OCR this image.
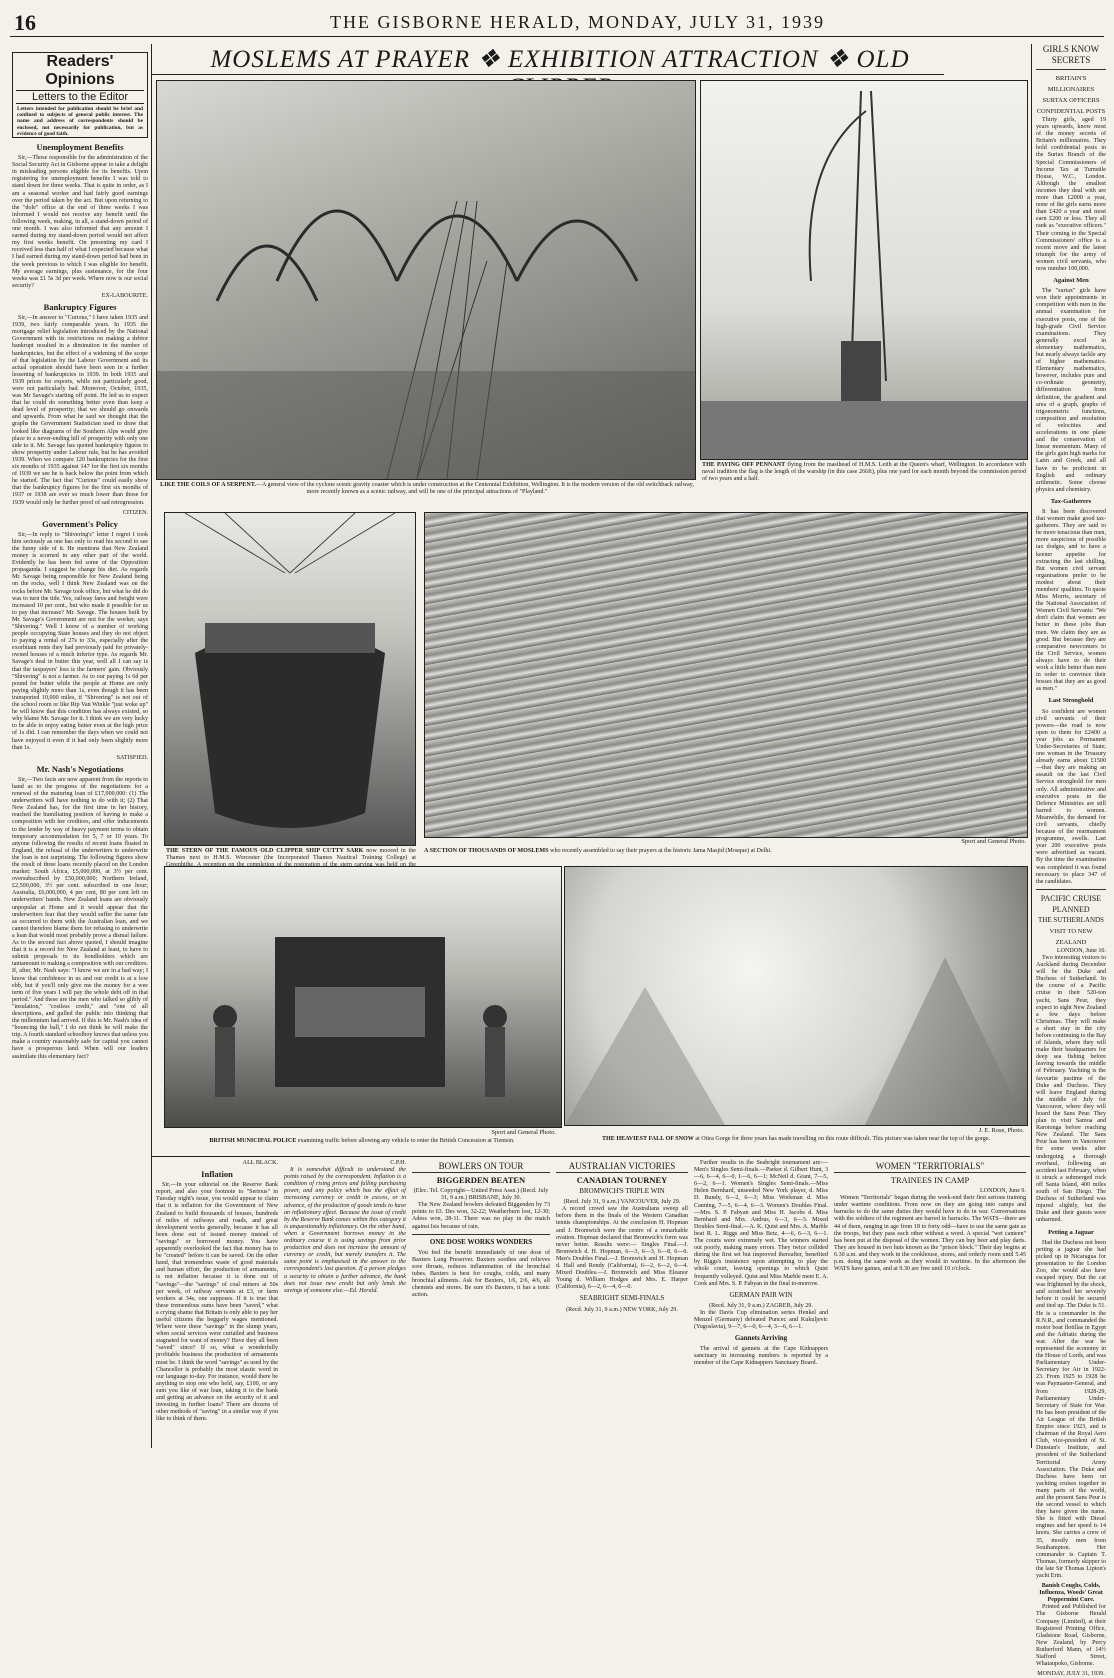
16	THE GISBORNE HERALD, MONDAY, JULY 31, 1939
MOSLEMS AT PRAYER ❖ EXHIBITION ATTRACTION ❖ OLD
Readers' Opinions
Letters to the Editor
Letters intended for publication should be brief and confined to subjects of general public interest. The name and address of correspondents should be enclosed, not necessarily for publication, but as evidence of good faith.
Unemployment Benefits

Sir,—Those responsible for the administration of the Social Security Act in Gisborne appear to take a delight in misleading persons eligible for its benefits. Upon registering for unemployment benefits I was told to stand down for three weeks. That is quite in order, as I am a seasonal worker and had fairly good earnings over the period taken by the act. But upon returning to the "dole" office at the end of three weeks I was informed I would not receive any benefit until the following week, making, in all, a stand-down period of one month. I was also informed that any amount I earned during my stand-down period would not affect my first weeks benefit. On presenting my card I received less than half of what I expected because what I had earned during my stand-down period had been in the week previous to which I was eligible for benefit. My average earnings, plus sustenance, for the four weeks was £1 5s 3d per week. Where now is our social security?

EX-LABOURITE.
Bankruptcy Figures

Sir,—In answer to "Curious," I have taken 1935 and 1939, two fairly comparable years. In 1935 the mortgage relief legislation introduced by the National Government with its restrictions on making a debtor bankrupt resulted in a diminution in the number of bankruptcies, but the effect of a widening of the scope of that legislation by the Labour Government and its actual operation should have been seen in a further lessening of bankruptcies in 1939. In both 1935 and 1939 prices for exports, while not particularly good, were not particularly bad. Moreover, October, 1935, was Mr Savage's starting off point. He led us to expect that he could do something better even than keep a dead level of prosperity; that we should go onwards and upwards. From what he said we thought that the graphs the Government Statistician used to draw that looked like diagrams of the Southern Alps would give place to a never-ending hill of prosperity with only one side to it. Mr. Savage has quoted bankruptcy figures to show prosperity under Labour rule, but he has avoided 1939. When we compare 120 bankruptcies for the first six months of 1935 against 147 for the first six months of 1939 we see he is back below the point from which he started. The fact that "Curious" could easily show that the bankruptcy figures for the first six months of 1937 or 1938 are ever so much lower than those for 1939 would only be further proof of sad retrogression.

CITIZEN.
Government's Policy

Sir,—In reply to "Shivering's" letter I regret I took him seriously as one has only to read his second to see the funny side of it. He mentions that New Zealand money is scorned in any other part of the world. Evidently he has been fed some of the Opposition propaganda. I suggest he change his diet. As regards Mr. Savage being responsible for New Zealand being on the rocks, well I think New Zealand was on the rocks before Mr. Savage took office, but what he did do was to turn the tide. Yes, railway fares and freight were increased 10 per cent., but who made it possible for us to pay that increase? Mr. Savage. The houses built by Mr. Savage's Government are not for the worker, says "Shivering." Well I know of a number of working people occupying State houses and they do not object to paying a rental of 27s to 33s, especially after the exorbitant rents they had previously paid for privately-owned houses of a much inferior type. As regards Mr. Savage's deal in butter this year, well all I can say is that the taxpayers' loss is the farmers' gain. Obviously "Shivering" is not a farmer. As to our paying 1s 6d per pound for butter while the people at Home are only paying slightly more than 1s, even though it has been transported 10,000 miles, if "Shivering" is not out of the school room or like Rip Van Winkle "just woke up" he will know that this condition has always existed, so why blame Mr. Savage for it. I think we are very lucky to be able to enjoy eating butter even at the high price of 1s did. I can remember the days when we could not have enjoyed it even if it had only been slightly more than 1s.

SATISFIED.
Mr. Nash's Negotiations

Sir,—Two facts are now apparent from the reports to hand as to the progress of the negotiations for a renewal of the maturing loan of £17,000,000: (1) The underwriters will have nothing to do with it; (2) That New Zealand has, for the first time in her history, reached the humiliating position of having to make a composition with her creditors, and offer inducements to the lender by way of heavy payment terms to obtain temporary accommodation for 5, 7 or 10 years. To anyone following the results of recent loans floated in England, the refusal of the underwriters to underwrite the loan is not surprising. The following figures show the result of three loans recently placed on the London market: South Africa, £5,000,000, at 3½ per cent. oversubscribed by £50,000,000; Northern Ireland, £2,500,000, 3½ per cent. subscribed in one hour; Australia, £6,000,000, 4 per cent, 80 per cent left on underwriters' hands. New Zealand loans are obviously unpopular at Home and it would appear that the underwriters fear that they would suffer the same fate as occurred to them with the Australian loan, and we cannot therefore blame them for refusing to underwrite a loan that would most probably prove a dismal failure. As to the second fact above quoted, I should imagine that it is a record for New Zealand at least, to have to submit proposals to its bondholders which are tantamount to making a composition with our creditors. If, after, Mr. Nash says: "I know we are in a bad way; I know that confidence in us and our credit is at a low ebb, but if you'll only give me the money for a wee term of five years I will pay the whole debt off in that period." And these are the men who talked so glibly of "insulation," "costless credit," and "one of all descriptions, and gulled the public into thinking that the millennium had arrived. If this is Mr. Nash's idea of "bouncing the ball," I do not think he will make the trip. A fourth standard schoolboy knows that unless you make a country reasonably safe for capital you cannot have a prosperous land. When will our leaders assimilate this elementary fact?

LIKE THE COILS OF A SERPENT.—A general view of the cyclone scenic gravity coaster which is under construction at the Centennial Exhibition, Wellington. It is the modern version of the old switchback railway, more recently known as a scenic railway, and will be one of the principal attractions of "Playland."
THE PAYING OFF PENNANT flying from the masthead of H.M.S. Leith at the Queen's wharf, Wellington. In accordance with naval tradition the flag is the length of the warship (in this case 266ft), plus one yard for each month beyond the commission period of two years and a half.
THE STERN OF THE FAMOUS OLD CLIPPER SHIP CUTTY SARK now moored in the Thames next to H.M.S. Worcester (the Incorporated Thames Nautical Training College) at
Sport and General Photo.
A SECTION OF THOUSANDS OF MOSLEMS who recently assembled to say their prayers at the historic Jama Masjid (Mosque) at Delhi.
Sport and General Photo.
BRITISH MUNICIPAL POLICE examining traffic before allowing any vehicle to enter the British Concession at Tientsin.
J. E. Rose, Photo.
THE HEAVIEST FALL OF SNOW at Otira Gorge for three years has made travelling on this route difficult. This picture was taken near the top of the gorge.
ALL BLACK.
Inflation

Sir,—In your editorial on the Reserve Bank report, and also your footnote to "Serious" in Tuesday night's issue, you would appear to claim that it is inflation for the Government of New Zealand to build thousands of houses, hundreds of miles of railways and roads, and great development works generally, because it has all been done out of issued money instead of "savings" or borrowed money. You have apparently overlooked the fact that money has to be "created" before it can be saved. On the other hand, that tremendous waste of good materials and human effort, the production of armaments, is not inflation because it is done out of "savings"—the "savings" of coal miners at 50s per week, of railway servants at £3, or farm workers at 34s, one supposes. If it is true that these tremendous sums have been "saved," what a crying shame that Britain is only able to pay her useful citizens the beggarly wages mentioned. Where were these "savings" in the slump years, when social services were curtailed and business stagnated for want of money? Have they all been "saved" since? If so, what a wonderfully profitable business the production of armaments must be. I think the word "savings" as used by the Chancellor is probably the most elastic word in our language to-day. For instance, would there be anything to stop one who held, say, £100, or any sum you like of war loan, taking it to the bank and getting an advance on the security of it and investing in further loans? There are dozens of other methods of "saving" in a similar way if you like to think of them.

C.P.H.

It is somewhat difficult to understand the points raised by the correspondent. Inflation is a condition of rising prices and falling purchasing power, and any policy which has the effect of increasing currency or credit in excess, or in advance, of the production of goods tends to have an inflationary effect. Because the issue of credit by the Reserve Bank comes within this category it is unquestionably inflationary. On the other hand, when a Government borrows money in the ordinary course it is using savings from prior production and does not increase the amount of currency or credit, but merely transfers it. The same point is emphasised in the answer to the correspondent's last question. If a person pledges a security to obtain a further advance, the bank does not issue new credit but only lends the savings of someone else.—Ed. Herald.

BOWLERS ON TOUR
BIGGERDEN BEATEN
(Elec. Tel. Copyright—United Press Assn.) (Recd. July 31, 9 a.m.) BRISBANE, July 30.

The New Zealand bowlers defeated Biggenden by 73 points to 63. Des won, 32-22; Weatherburn lost, 12-30; Adess won, 28-11. There was no play in the match against Isis because of rain.

ONE DOSE WORKS WONDERS

You feel the benefit immediately of one dose of Baxters Lung Preserver. Baxters soothes and relieves sore throats, reduces inflammation of the bronchial tubes. Baxters is best for coughs, colds, and many bronchial ailments. Ask for Baxters, 1/6, 2/6, 4/6, all chemists and stores. Be sure it's Baxters, it has a tonic action.

AUSTRALIAN VICTORIES
CANADIAN TOURNEY
BROMWICH'S TRIPLE WIN
(Recd. July 31, 9 a.m.) VANCOUVER, July 29.

A record crowd saw the Australians sweep all before them in the finals of the Western Canadian tennis championships. At the conclusion H. Hopman and J. Bromwich were the centre of a remarkable ovation. Hopman declared that Bromwich's form was never better. Results were:— Singles Final.—J. Bromwich d. H. Hopman, 6—3, 6—3, 6—8, 6—0. Men's Doubles Final.—J. Bromwich and H. Hopman d. Hall and Rendy (California), 6—2, 6—2, 6—4. Mixed Doubles.—J. Bromwich and Miss Eleanor Young d. William Hodges and Mrs. E. Harper (California), 6—2, 6—4, 6—0.

SEABRIGHT SEMI-FINALS
(Recd. July 31, 9 a.m.) NEW YORK, July 29.

Further results in the Seabright tournament are:— Men's Singles Semi-finals.—Parker d. Gilbert Hunt, 3—6, 6—4, 6—0, 1—6, 6—1; McNeil d. Grant, 7—5, 6—2, 6—1. Women's Singles Semi-finals.—Miss Helen Bernhard, unseeded New York player, d. Miss D. Bundy, 6—2, 6—3; Miss Workman d. Miss Canning, 7—5, 6—4, 6—3. Women's Doubles Final.—Mrs. S. P. Fabyan and Miss H. Jacobs d. Miss Bernhard and Mrs. Andrus, 6—3, 6—3. Mixed Doubles Semi-final.—A. K. Quist and Mrs. A. Marble beat R. L. Riggs and Miss Betz, 4—6, 6—3, 6—1. The courts were extremely wet. The winners started out poorly, making many errors. They twice collided during the first set but improved thereafter, benefited by Riggs's insistence upon attempting to play the whole court, leaving openings to which Quist frequently volleyed. Quist and Miss Marble meet E. A. Cook and Mrs. S. P. Fabyan in the final to-morrow.

GERMAN PAIR WIN
(Recd. July 31, 9 a.m.) ZAGREB, July 29.

In the Davis Cup elimination series Henkel and Menzel (Germany) defeated Puncec and Kukuljevic (Yugoslavia), 9—7, 6—0, 6—4, 3—6, 6—1.

Gannets Arriving

The arrival of gannets at the Cape Kidnappers sanctuary in increasing numbers is reported by a member of the Cape Kidnappers Sanctuary Board.

WOMEN "TERRITORIALS"
TRAINEES IN CAMP
LONDON, June 9.

Women "Territorials" began during the week-end their first serious training under wartime conditions. From now on they are going into camps and barracks to do the same duties they would have to do in war. Conversations with the soldiers of the regiment are barred in barracks. The WATS—there are 44 of them, ranging in age from 18 to forty odd—have to use the same gate as the troops, but they pass each other without a word. A special "wet canteen" has been put at the disposal of the women. They can buy beer and play darts. They are housed in two huts known as the "prison block." Their day begins at 6.30 a.m. and they work in the cookhouse, stores, and orderly room until 5.45 p.m. doing the same work as they would in wartime. In the afternoon the WATS have games, and at 9.30 are free until 10 o'clock.

GIRLS KNOW SECRETS
BRITAIN'S MILLIONAIRES
SURTAX OFFICERS
CONFIDENTIAL POSTS

Thirty girls, aged 19 years upwards, know most of the money secrets of Britain's millionaires. They hold confidential posts in the Surtax Branch of the Special Commissioners of Income Tax at Turnstile House, W.C., London. Although the smallest incomes they deal with are more than £2000 a year, none of the girls earns more than £420 a year and most earn £200 or less. They all rank as "executive officers." Their coming to the Special Commissioners' office is a recent move and the latest triumph for the army of women civil servants, who now number 100,000.

Against Men

The "surtax" girls have won their appointments in competition with men in the annual examination for executive posts, one of the high-grade Civil Service examinations. They generally excel in elementary mathematics, but nearly always tackle any of higher mathematics. Elementary mathematics, however, includes pure and co-ordinate geometry, differentiation from definition, the gradient and area of a graph, graphs of trigonometric functions, composition and resolution of velocities and accelerations in one plane and the conservation of linear momentum. Many of the girls gain high marks for Latin and Greek, and all have to be proficient in English and ordinary arithmetic. Some choose physics and chemistry.

Tax-Gatherers

It has been discovered that women make good tax-gatherers. They are said to be more tenacious than men, more suspicious of possible tax dodges, and to have a keener appetite for extracting the last shilling. But women civil servant organisations prefer to be modest about their members' qualities. To quote Miss Morris, secretary of the National Association of Women Civil Servants: "We don't claim that women are better in these jobs than men. We claim they are as good. But because they are comparative newcomers to the Civil Service, women always have to do their work a little better than men in order to convince their bosses that they are as good as men."

Last Stronghold

So confident are women civil servants of their powers—the road is now open to them for £2400 a year jobs as Permanent Under-Secretaries of State; one woman in the Treasury already earns about £1500—that they are making an assault on the last Civil Service stronghold for men only. All administrative and executive posts in the Defence Ministries are still barred to women. Meanwhile, the demand for civil servants, chiefly because of the rearmament programme, swells. Last year 200 executive posts were advertised as vacant. By the time the examination was completed it was found necessary to place 347 of the candidates.

PACIFIC CRUISE PLANNED
THE SUTHERLANDS
VISIT TO NEW ZEALAND
LONDON, June 10.

Two interesting visitors to Auckland during December will be the Duke and Duchess of Sutherland. In the course of a Pacific cruise in their 520-ton yacht, Sans Peur, they expect to sight New Zealand a few days before Christmas. They will make a short stay in the city before continuing to the Bay of Islands, where they will make their headquarters for deep sea fishing before leaving towards the middle of February. Yachting is the favourite pastime of the Duke and Duchess. They will leave England during the middle of July for Vancouver, where they will board the Sans Peur. They plan to visit Samoa and Rarotonga before reaching New Zealand. The Sans Peur has been in Vancouver for some weeks after undergoing a thorough overhaul, following an accident last February, when it struck a submerged rock off Santa Island, 400 miles south of San Diego. The Duchess of Sutherland was injured slightly, but the Duke and their guests were unharmed.

Petting a Jaguar

Had the Duchess not been petting a jaguar she had picked up in Nicaragua for presentation to the London Zoo, she would also have escaped injury. But the cat was frightened by the shock, and scratched her severely before it could be secured and tied up. The Duke is 51. He is a commander in the R.N.R., and commanded the motor boat flotillas in Egypt and the Adriatic during the war. After the war he represented the economy in the House of Lords, and was Parliamentary Under-Secretary for Air in 1922-23. From 1925 to 1928 he was Paymaster-General, and from 1928-29, Parliamentary Under-Secretary of State for War. He has been president of the Air League of the British Empire since 1923, and is chairman of the Royal Aero Club, vice-president of St. Dunstan's Institute, and president of the Sutherland Territorial Army Association. The Duke and Duchess have been on yachting cruises together in many parts of the world, and the present Sans Peur is the second vessel to which they have given the name. She is fitted with Diesel engines and her speed is 14 knots. She carries a crew of 35, mostly men from Southampton. Her commander is Captain T. Thomas, formerly skipper to the late Sir Thomas Lipton's yacht Erin.

Banish Coughs, Colds, Influenza, Woods' Great Peppermint Cure.

Printed and Published for The Gisborne Herald Company (Limited), at their Registered Printing Office, Gladstone Road, Gisborne, New Zealand, by Percy Rutherford Mann, of 14½ Stafford Street, Whataupoko, Gisborne.

MONDAY, JULY 31, 1939.
